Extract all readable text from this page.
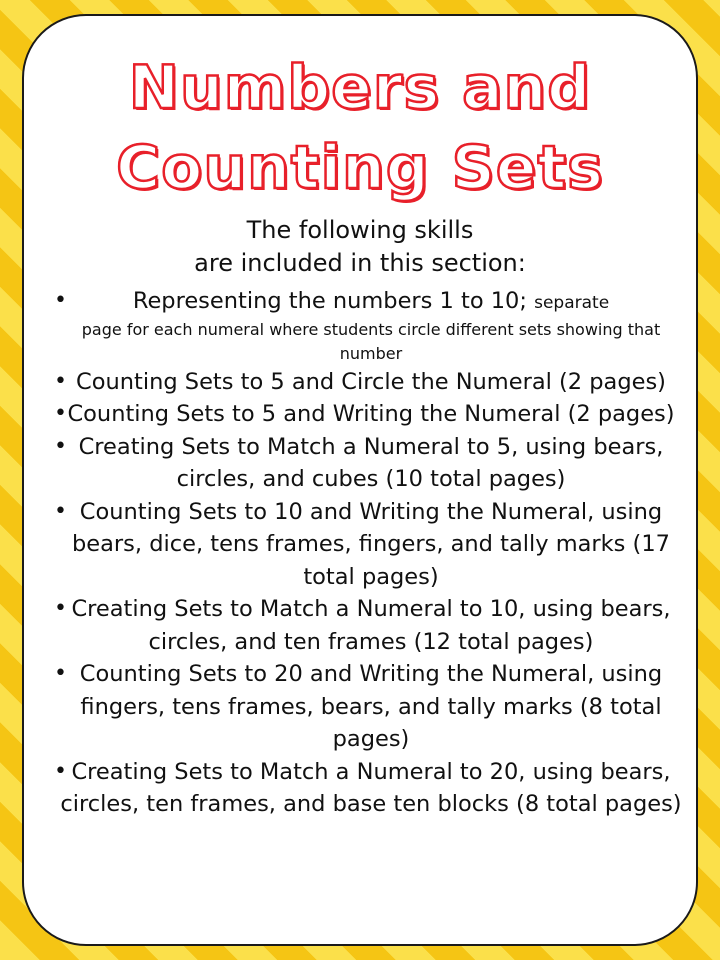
Numbers and
Counting Sets
The following skills
are included in this section:
•	Representing the numbers 1 to 10; separate
page for each numeral where students circle different sets showing that number
• Counting Sets to 5 and Circle the Numeral (2 pages)
• Counting Sets to 5 and Writing the Numeral (2 pages)
• Creating Sets to Match a Numeral to 5, using bears, circles, and cubes (10 total pages)
• Counting Sets to 10 and Writing the Numeral, using bears, dice, tens frames, fingers, and tally marks (17 total pages)
• Creating Sets to Match a Numeral to 10, using bears, circles, and ten frames (12 total pages)
• Counting Sets to 20 and Writing the Numeral, using fingers, tens frames, bears, and tally marks (8 total pages)
• Creating Sets to Match a Numeral to 20, using bears, circles, ten frames, and base ten blocks (8 total pages)
